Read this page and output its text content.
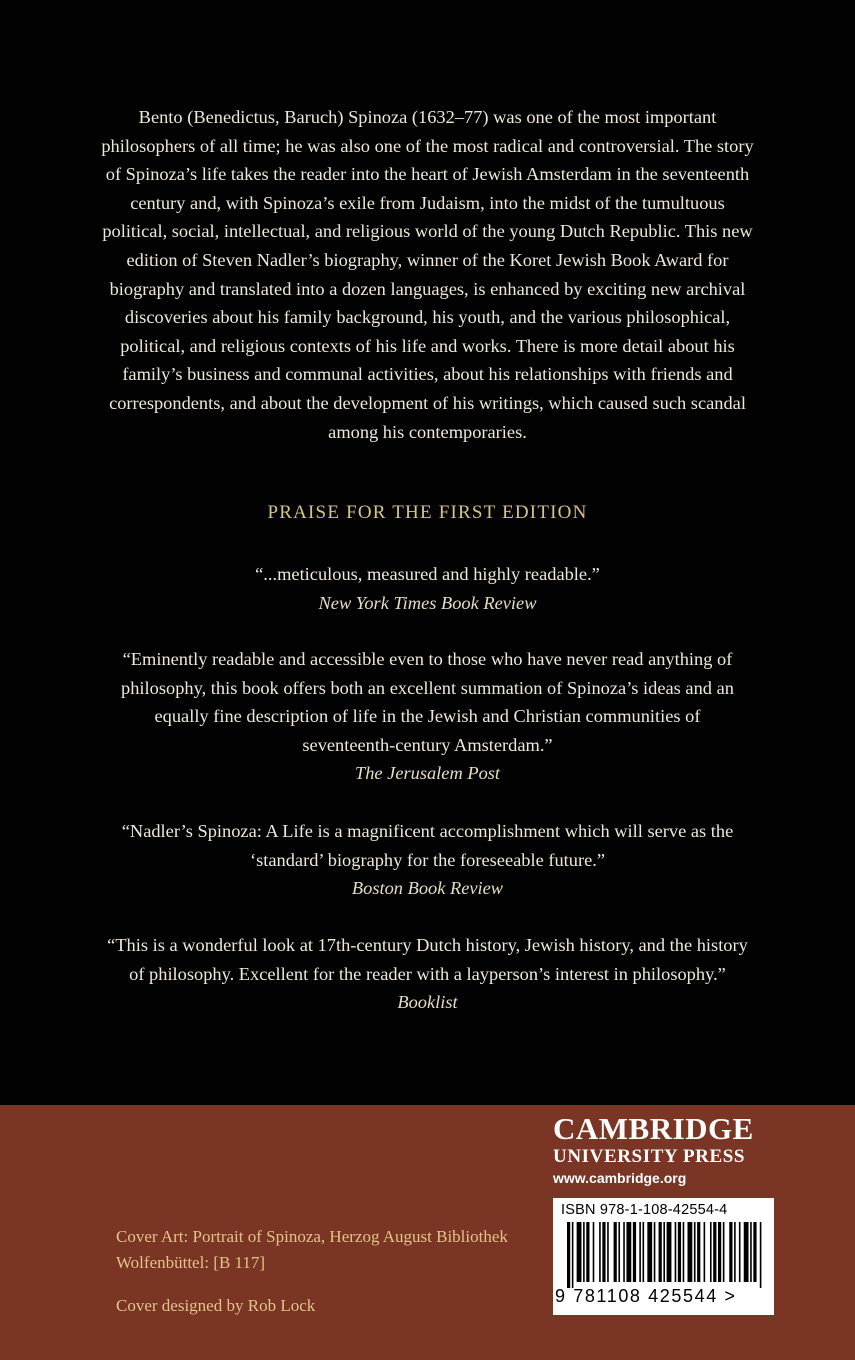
Bento (Benedictus, Baruch) Spinoza (1632–77) was one of the most important philosophers of all time; he was also one of the most radical and controversial. The story of Spinoza’s life takes the reader into the heart of Jewish Amsterdam in the seventeenth century and, with Spinoza’s exile from Judaism, into the midst of the tumultuous political, social, intellectual, and religious world of the young Dutch Republic. This new edition of Steven Nadler’s biography, winner of the Koret Jewish Book Award for biography and translated into a dozen languages, is enhanced by exciting new archival discoveries about his family background, his youth, and the various philosophical, political, and religious contexts of his life and works. There is more detail about his family’s business and communal activities, about his relationships with friends and correspondents, and about the development of his writings, which caused such scandal among his contemporaries.

PRAISE FOR THE FIRST EDITION

“...meticulous, measured and highly readable.”
New York Times Book Review
“Eminently readable and accessible even to those who have never read anything of philosophy, this book offers both an excellent summation of Spinoza’s ideas and an equally fine description of life in the Jewish and Christian communities of seventeenth-century Amsterdam.”
The Jerusalem Post
“Nadler’s Spinoza: A Life is a magnificent accomplishment which will serve as the ‘standard’ biography for the foreseeable future.”
Boston Book Review
“This is a wonderful look at 17th-century Dutch history, Jewish history, and the history of philosophy. Excellent for the reader with a layperson’s interest in philosophy.”
Booklist

CAMBRIDGE

UNIVERSITY PRESS

www.cambridge.org

ISBN 978-1-108-42554-4

9 781108 425544 >

Cover Art: Portrait of Spinoza, Herzog August Bibliothek

Wolfenbüttel: [B 117]

Cover designed by Rob Lock
